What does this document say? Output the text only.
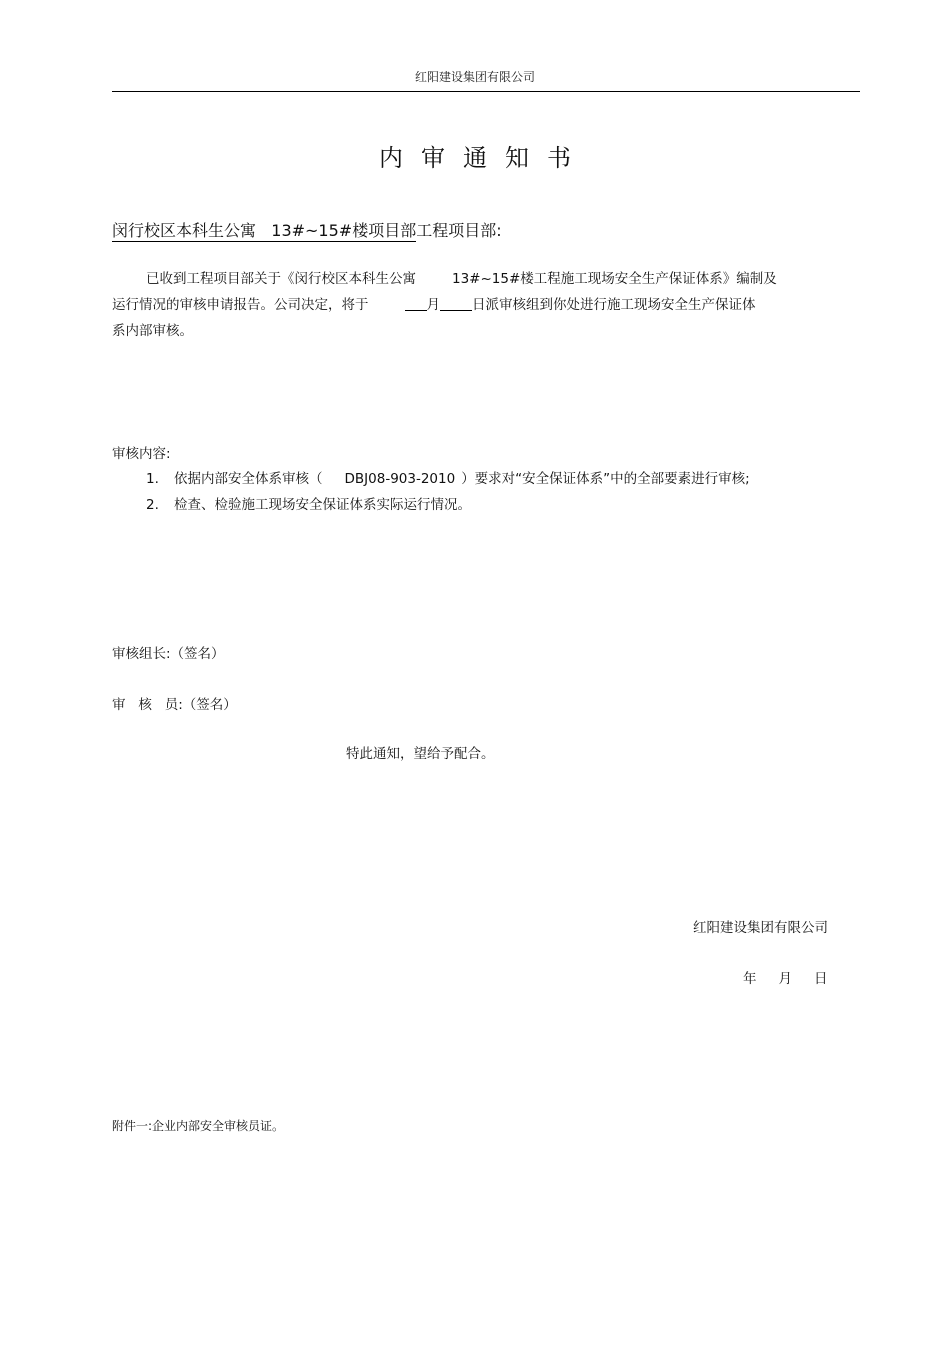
红阳建设集团有限公司
内审通知书
闵行校区本科生公寓   13#~15#楼项目部工程项目部:
已收到工程项目部关于《闵行校区本科生公寓	13#~15#楼工程施工现场安全生产保证体系》编制及
运行情况的审核申请报告。公司决定，将于	月 日派审核组到你处进行施工现场安全生产保证体
系内部审核。
审核内容:
1. 依据内部安全体系审核（ DBJ08-903-2010 ）要求对“安全保证体系”中的全部要素进行审核;
2. 检查、检验施工现场安全保证体系实际运行情况。
审核组长:（签名）
审   核   员:（签名）
特此通知，望给予配合。
红阳建设集团有限公司
年 月 日
附件一:企业内部安全审核员证。
